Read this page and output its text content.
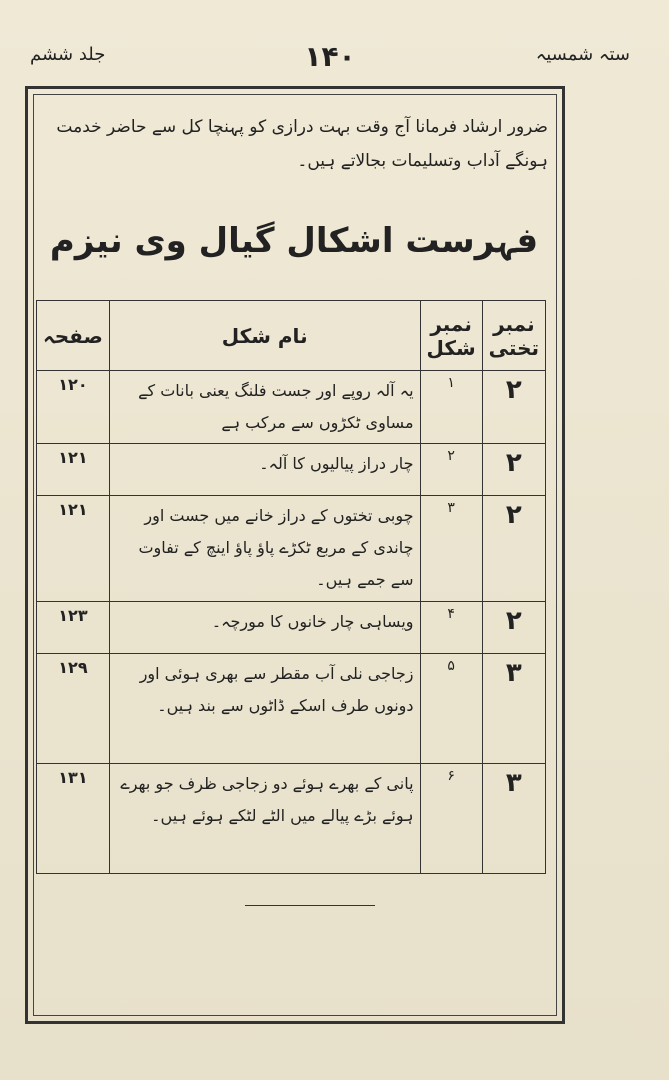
جلد ششم	۱۴۰	ستہ شمسیہ
ضرور ارشاد فرمانا آج وقت بہت درازی کو پہنچا کل سے حاضر خدمت ہونگے آداب وتسلیمات بجالاتے ہیں۔
فہرست اشکال گیال وی نیزم
نمبر تختی	نمبر شکل	نام شکل	صفحہ
۲	۱	یہ آلہ روپے اور جست فلنگ یعنی بانات کے مساوی ٹکڑوں سے مرکب ہے	۱۲۰
۲	۲	چار دراز پیالیوں کا آلہ۔	۱۲۱
۲	۳	چوبی تختوں کے دراز خانے میں جست اور چاندی کے مربع ٹکڑے پاؤ پاؤ اینچ کے تفاوت سے جمے ہیں۔	۱۲۱
۲	۴	ویساہی چار خانوں کا مورچہ۔	۱۲۳
۳	۵	زجاجی نلی آب مقطر سے بھری ہوئی اور دونوں طرف اسکے ڈاٹوں سے بند ہیں۔	۱۲۹
۳	۶	پانی کے بھرے ہوئے دو زجاجی ظرف جو بھرے ہوئے بڑے پیالے میں الٹے لٹکے ہوئے ہیں۔	۱۳۱
